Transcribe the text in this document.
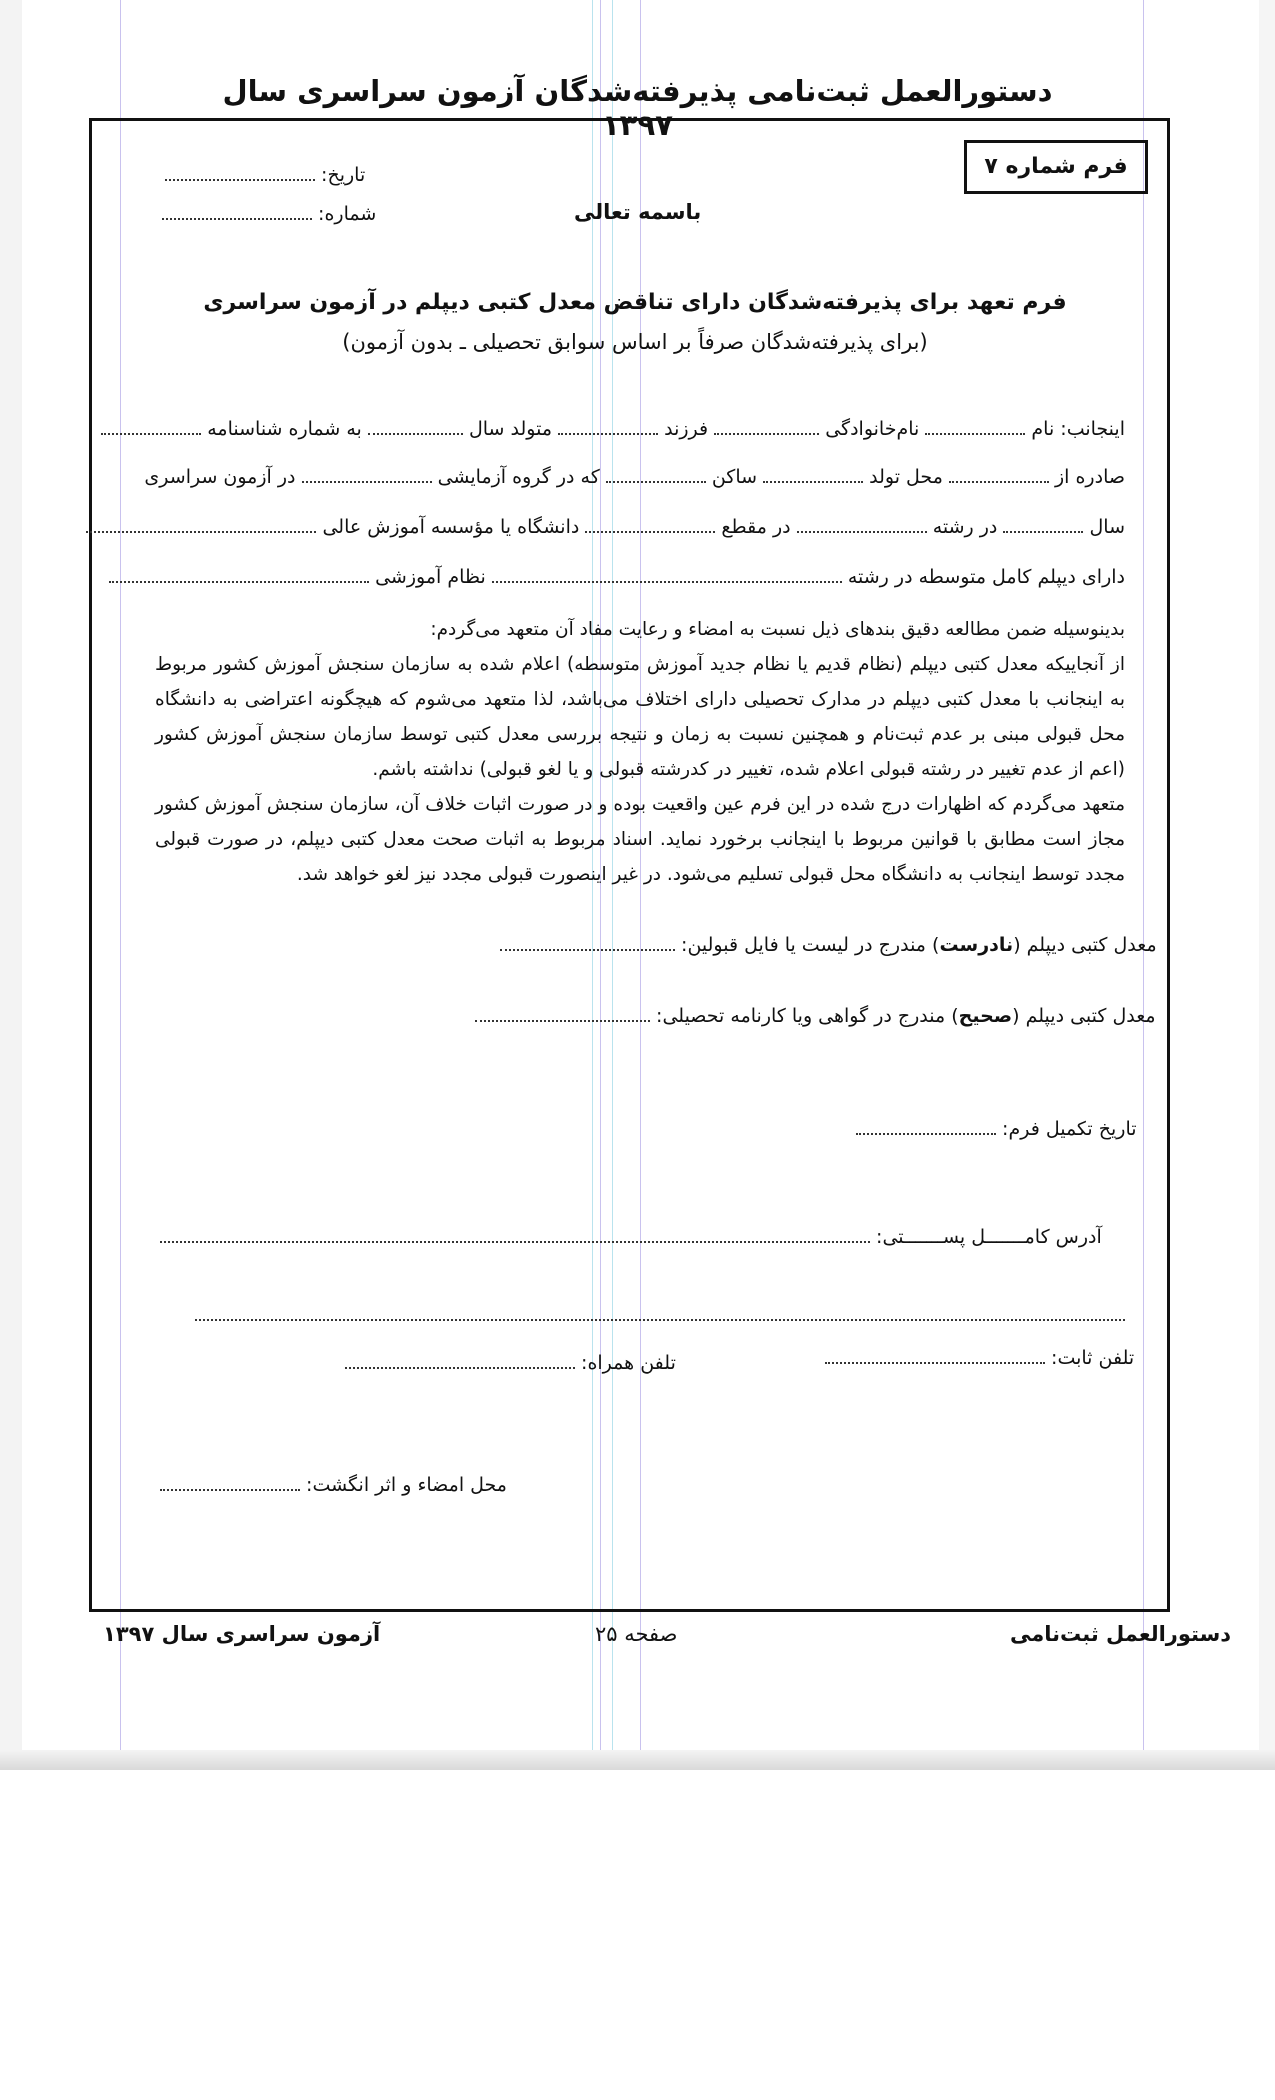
دستورالعمل ثبت‌نامی پذیرفته‌شدگان آزمون سراسری سال ۱۳۹۷
فرم شماره ۷
تاریخ:
شماره:	باسمه تعالی
فرم تعهد برای پذیرفته‌شدگان دارای تناقض معدل کتبی دیپلم در آزمون سراسری
(برای پذیرفته‌شدگان صرفاً بر اساس سوابق تحصیلی ـ بدون آزمون)
اینجانب: نام  نام‌خانوادگی  فرزند  متولد سال  به شماره شناسنامه
صادره از  محل تولد  ساکن  که در گروه آزمایشی  در آزمون سراسری
سال  در رشته  در مقطع  دانشگاه یا مؤسسه آموزش عالی
دارای دیپلم کامل متوسطه در رشته  نظام آموزشی

بدینوسیله ضمن مطالعه دقیق بندهای ذیل نسبت به امضاء و رعایت مفاد آن متعهد می‌گردم:

از آنجاییکه معدل کتبی دیپلم (نظام قدیم یا نظام جدید آموزش متوسطه) اعلام شده به سازمان سنجش آموزش کشور مربوط به اینجانب با معدل کتبی دیپلم در مدارک تحصیلی دارای اختلاف می‌باشد، لذا متعهد می‌شوم که هیچگونه اعتراضی به دانشگاه محل قبولی مبنی بر عدم ثبت‌نام و همچنین نسبت به زمان و نتیجه بررسی معدل کتبی توسط سازمان سنجش آموزش کشور (اعم از عدم تغییر در رشته قبولی اعلام شده، تغییر در کدرشته قبولی و یا لغو قبولی) نداشته باشم.

متعهد می‌گردم که اظهارات درج شده در این فرم عین واقعیت بوده و در صورت اثبات خلاف آن، سازمان سنجش آموزش کشور مجاز است مطابق با قوانین مربوط با اینجانب برخورد نماید. اسناد مربوط به اثبات صحت معدل کتبی دیپلم، در صورت قبولی مجدد توسط اینجانب به دانشگاه محل قبولی تسلیم می‌شود. در غیر اینصورت قبولی مجدد نیز لغو خواهد شد.

معدل کتبی دیپلم (نادرست) مندرج در لیست یا فایل قبولین:
معدل کتبی دیپلم (صحیح) مندرج در گواهی ویا کارنامه تحصیلی:
تاریخ تکمیل فرم:
آدرس کامـــــــل پســـــــتی:
تلفن ثابت:
تلفن همراه:
محل امضاء و اثر انگشت:
دستورالعمل ثبت‌نامی
صفحه ۲۵
آزمون سراسری سال ۱۳۹۷
